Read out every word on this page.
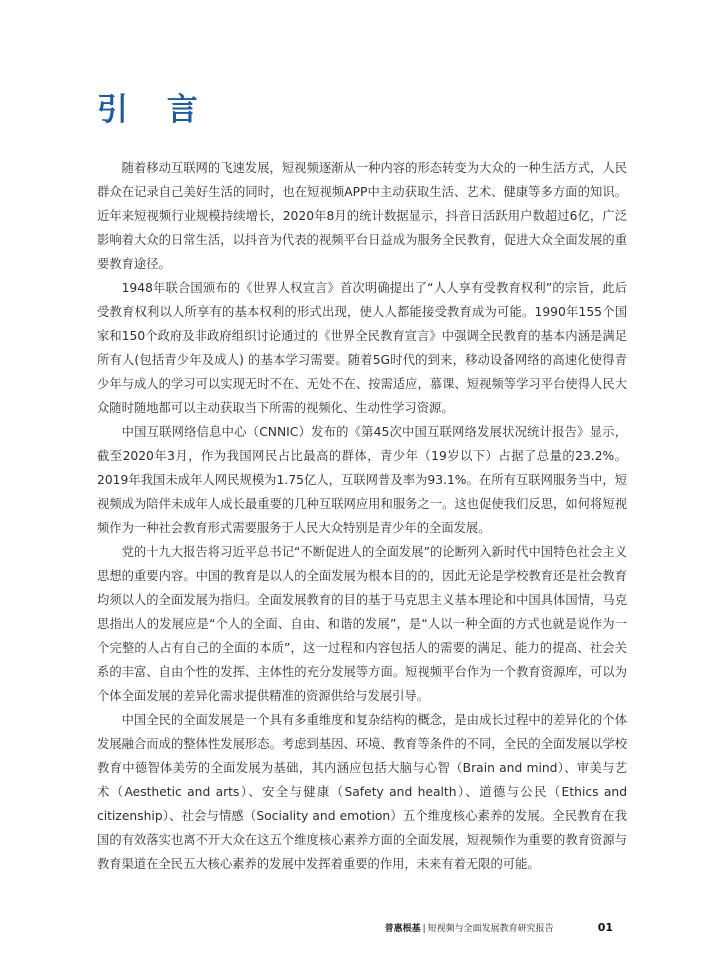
引 言

随着移动互联网的飞速发展，短视频逐渐从一种内容的形态转变为大众的一种生活方式，人民群众在记录自己美好生活的同时，也在短视频APP中主动获取生活、艺术、健康等多方面的知识。近年来短视频行业规模持续增长，2020年8月的统计数据显示，抖音日活跃用户数超过6亿，广泛影响着大众的日常生活，以抖音为代表的视频平台日益成为服务全民教育，促进大众全面发展的重要教育途径。

1948年联合国颁布的《世界人权宣言》首次明确提出了“人人享有受教育权利”的宗旨，此后受教育权利以人所享有的基本权利的形式出现，使人人都能接受教育成为可能。1990年155个国家和150个政府及非政府组织讨论通过的《世界全民教育宣言》中强调全民教育的基本内涵是满足所有人(包括青少年及成人) 的基本学习需要。随着5G时代的到来，移动设备网络的高速化使得青少年与成人的学习可以实现无时不在、无处不在、按需适应，慕课、短视频等学习平台使得人民大众随时随地都可以主动获取当下所需的视频化、生动性学习资源。

中国互联网络信息中心（CNNIC）发布的《第45次中国互联网络发展状况统计报告》显示，截至2020年3月，作为我国网民占比最高的群体，青少年（19岁以下）占据了总量的23.2%。2019年我国未成年人网民规模为1.75亿人，互联网普及率为93.1%。在所有互联网服务当中，短视频成为陪伴未成年人成长最重要的几种互联网应用和服务之一。这也促使我们反思，如何将短视频作为一种社会教育形式需要服务于人民大众特别是青少年的全面发展。

党的十九大报告将习近平总书记“不断促进人的全面发展”的论断列入新时代中国特色社会主义思想的重要内容。中国的教育是以人的全面发展为根本目的的，因此无论是学校教育还是社会教育均须以人的全面发展为指归。全面发展教育的目的基于马克思主义基本理论和中国具体国情，马克思指出人的发展应是“个人的全面、自由、和谐的发展”，是“人以一种全面的方式也就是说作为一个完整的人占有自己的全面的本质”，这一过程和内容包括人的需要的满足、能力的提高、社会关系的丰富、自由个性的发挥、主体性的充分发展等方面。短视频平台作为一个教育资源库，可以为个体全面发展的差异化需求提供精准的资源供给与发展引导。

中国全民的全面发展是一个具有多重维度和复杂结构的概念，是由成长过程中的差异化的个体发展融合而成的整体性发展形态。考虑到基因、环境、教育等条件的不同，全民的全面发展以学校教育中德智体美劳的全面发展为基础，其内涵应包括大脑与心智（Brain and mind）、审美与艺术（Aesthetic and arts）、安全与健康（Safety and health）、道德与公民（Ethics and citizenship）、社会与情感（Sociality and emotion）五个维度核心素养的发展。全民教育在我国的有效落实也离不开大众在这五个维度核心素养方面的全面发展，短视频作为重要的教育资源与教育渠道在全民五大核心素养的发展中发挥着重要的作用，未来有着无限的可能。

普惠根基 | 短视频与全面发展教育研究报告	01
